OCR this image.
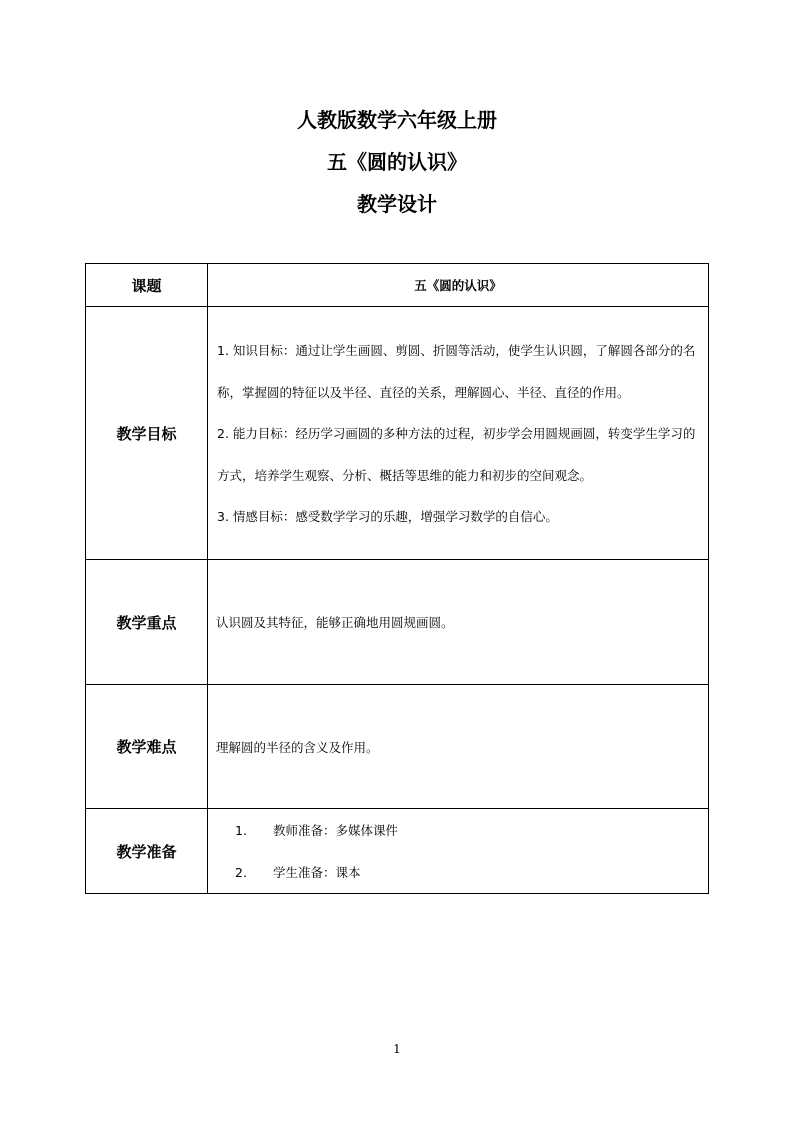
人教版数学六年级上册
五《圆的认识》
教学设计
课题	五《圆的认识》
教学目标	1. 知识目标：通过让学生画圆、剪圆、折圆等活动，使学生认识圆，了解圆各部分的名称，掌握圆的特征以及半径、直径的关系，理解圆心、半径、直径的作用。

2. 能力目标：经历学习画圆的多种方法的过程，初步学会用圆规画圆，转变学生学习的方式，培养学生观察、分析、概括等思维的能力和初步的空间观念。

3. 情感目标：感受数学学习的乐趣，增强学习数学的自信心。

教学重点	认识圆及其特征，能够正确地用圆规画圆。
教学难点	理解圆的半径的含义及作用。
教学准备	1. 教师准备：多媒体课件
2. 学生准备：课本
1
